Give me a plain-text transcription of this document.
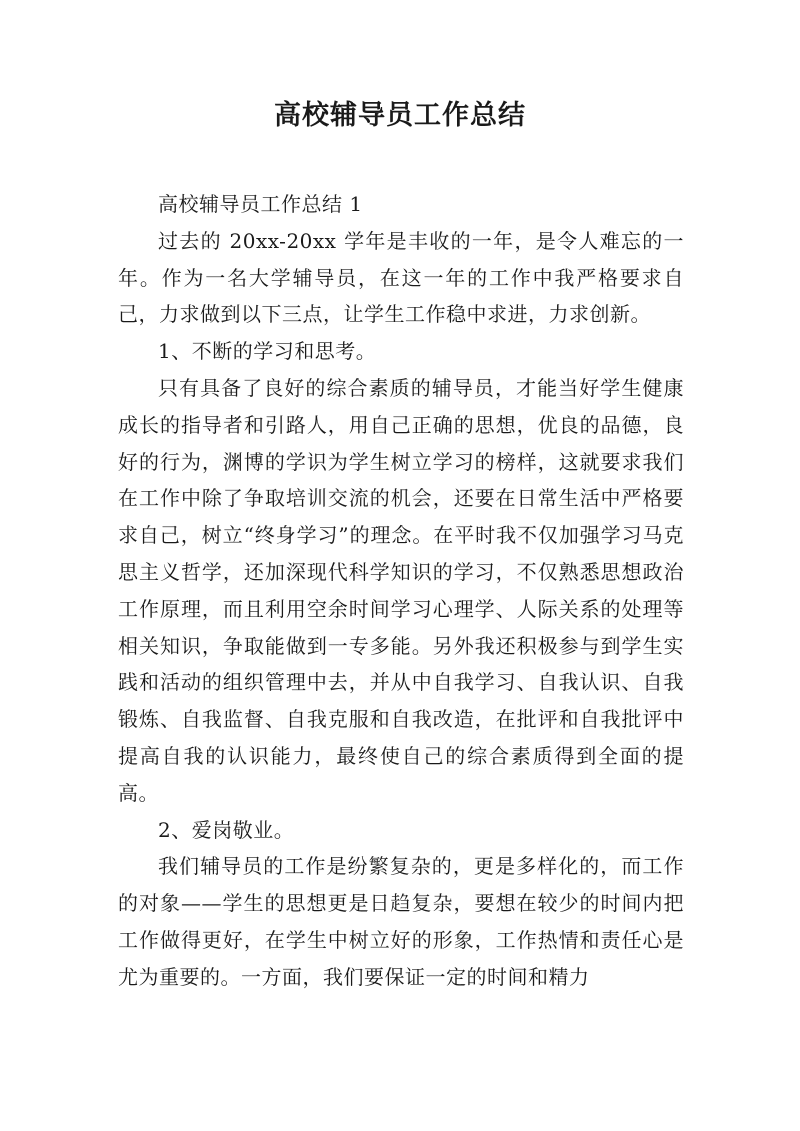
高校辅导员工作总结

高校辅导员工作总结 1

过去的 20xx-20xx 学年是丰收的一年，是令人难忘的一年。作为一名大学辅导员，在这一年的工作中我严格要求自己，力求做到以下三点，让学生工作稳中求进，力求创新。

1、不断的学习和思考。

只有具备了良好的综合素质的辅导员，才能当好学生健康成长的指导者和引路人，用自己正确的思想，优良的品德，良好的行为，渊博的学识为学生树立学习的榜样，这就要求我们在工作中除了争取培训交流的机会，还要在日常生活中严格要求自己，树立“终身学习”的理念。在平时我不仅加强学习马克思主义哲学，还加深现代科学知识的学习，不仅熟悉思想政治工作原理，而且利用空余时间学习心理学、人际关系的处理等相关知识，争取能做到一专多能。另外我还积极参与到学生实践和活动的组织管理中去，并从中自我学习、自我认识、自我锻炼、自我监督、自我克服和自我改造，在批评和自我批评中提高自我的认识能力，最终使自己的综合素质得到全面的提高。

2、爱岗敬业。

我们辅导员的工作是纷繁复杂的，更是多样化的，而工作的对象——学生的思想更是日趋复杂，要想在较少的时间内把工作做得更好，在学生中树立好的形象，工作热情和责任心是尤为重要的。一方面，我们要保证一定的时间和精力
